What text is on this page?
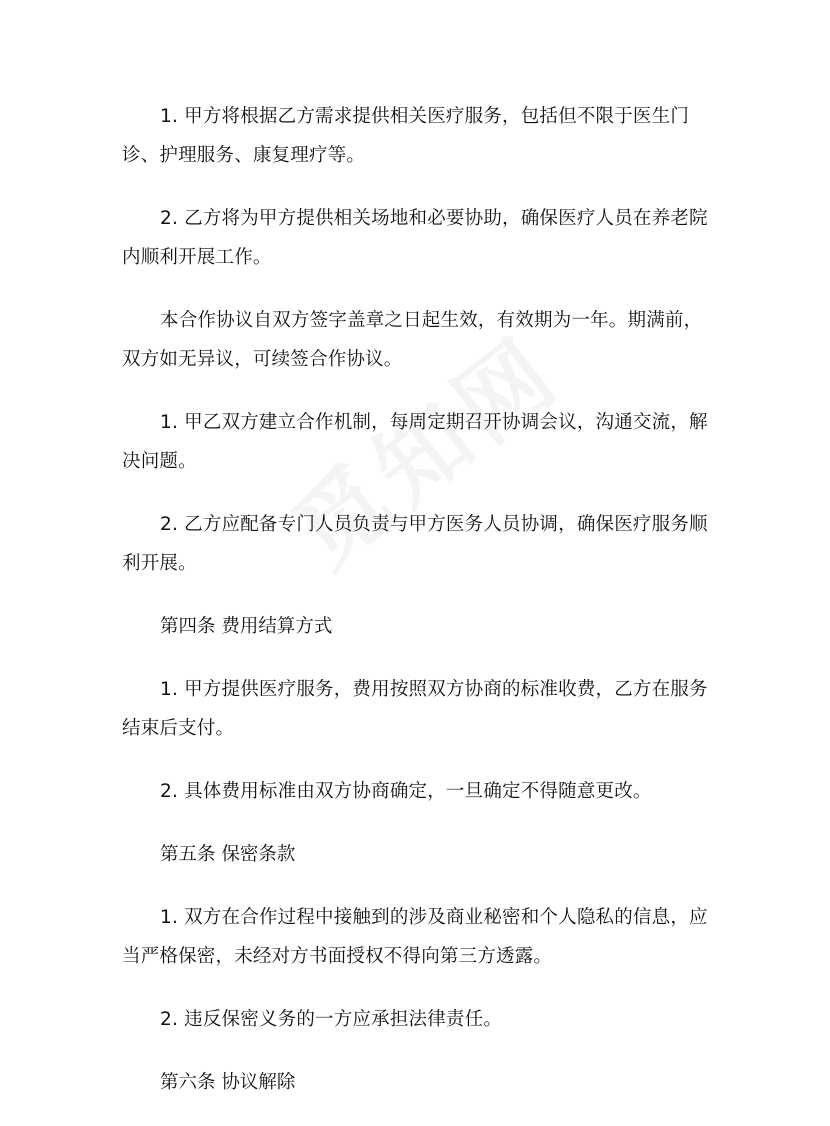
1. 甲方将根据乙方需求提供相关医疗服务，包括但不限于医生门诊、护理服务、康复理疗等。

2. 乙方将为甲方提供相关场地和必要协助，确保医疗人员在养老院内顺利开展工作。

本合作协议自双方签字盖章之日起生效，有效期为一年。期满前，双方如无异议，可续签合作协议。

1. 甲乙双方建立合作机制，每周定期召开协调会议，沟通交流，解决问题。

2. 乙方应配备专门人员负责与甲方医务人员协调，确保医疗服务顺利开展。

第四条 费用结算方式

1. 甲方提供医疗服务，费用按照双方协商的标准收费，乙方在服务结束后支付。

2. 具体费用标准由双方协商确定，一旦确定不得随意更改。

第五条 保密条款

1. 双方在合作过程中接触到的涉及商业秘密和个人隐私的信息，应当严格保密，未经对方书面授权不得向第三方透露。

2. 违反保密义务的一方应承担法律责任。

第六条 协议解除
